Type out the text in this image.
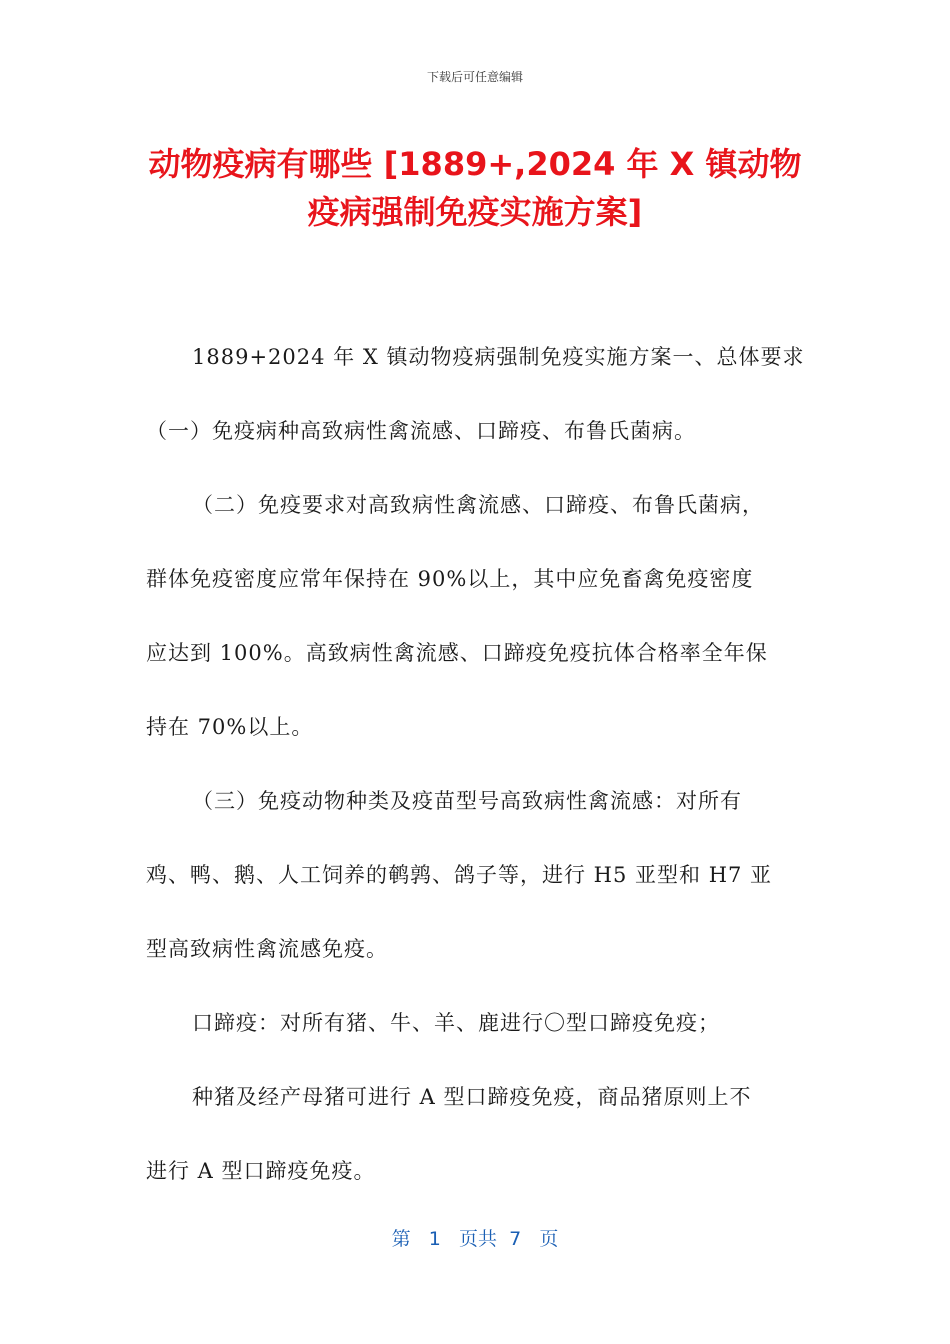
下载后可任意编辑
动物疫病有哪些 [1889+,2024 年 X 镇动物
疫病强制免疫实施方案]

1889+2024 年 X 镇动物疫病强制免疫实施方案一、总体要求

（一）免疫病种高致病性禽流感、口蹄疫、布鲁氏菌病。

（二）免疫要求对高致病性禽流感、口蹄疫、布鲁氏菌病，

群体免疫密度应常年保持在 90%以上，其中应免畜禽免疫密度

应达到 100%。高致病性禽流感、口蹄疫免疫抗体合格率全年保

持在 70%以上。

（三）免疫动物种类及疫苗型号高致病性禽流感：对所有

鸡、鸭、鹅、人工饲养的鹌鹑、鸽子等，进行 H5 亚型和 H7 亚

型高致病性禽流感免疫。

口蹄疫：对所有猪、牛、羊、鹿进行〇型口蹄疫免疫；

种猪及经产母猪可进行 A 型口蹄疫免疫，商品猪原则上不

进行 A 型口蹄疫免疫。

第 1 页共 7 页
